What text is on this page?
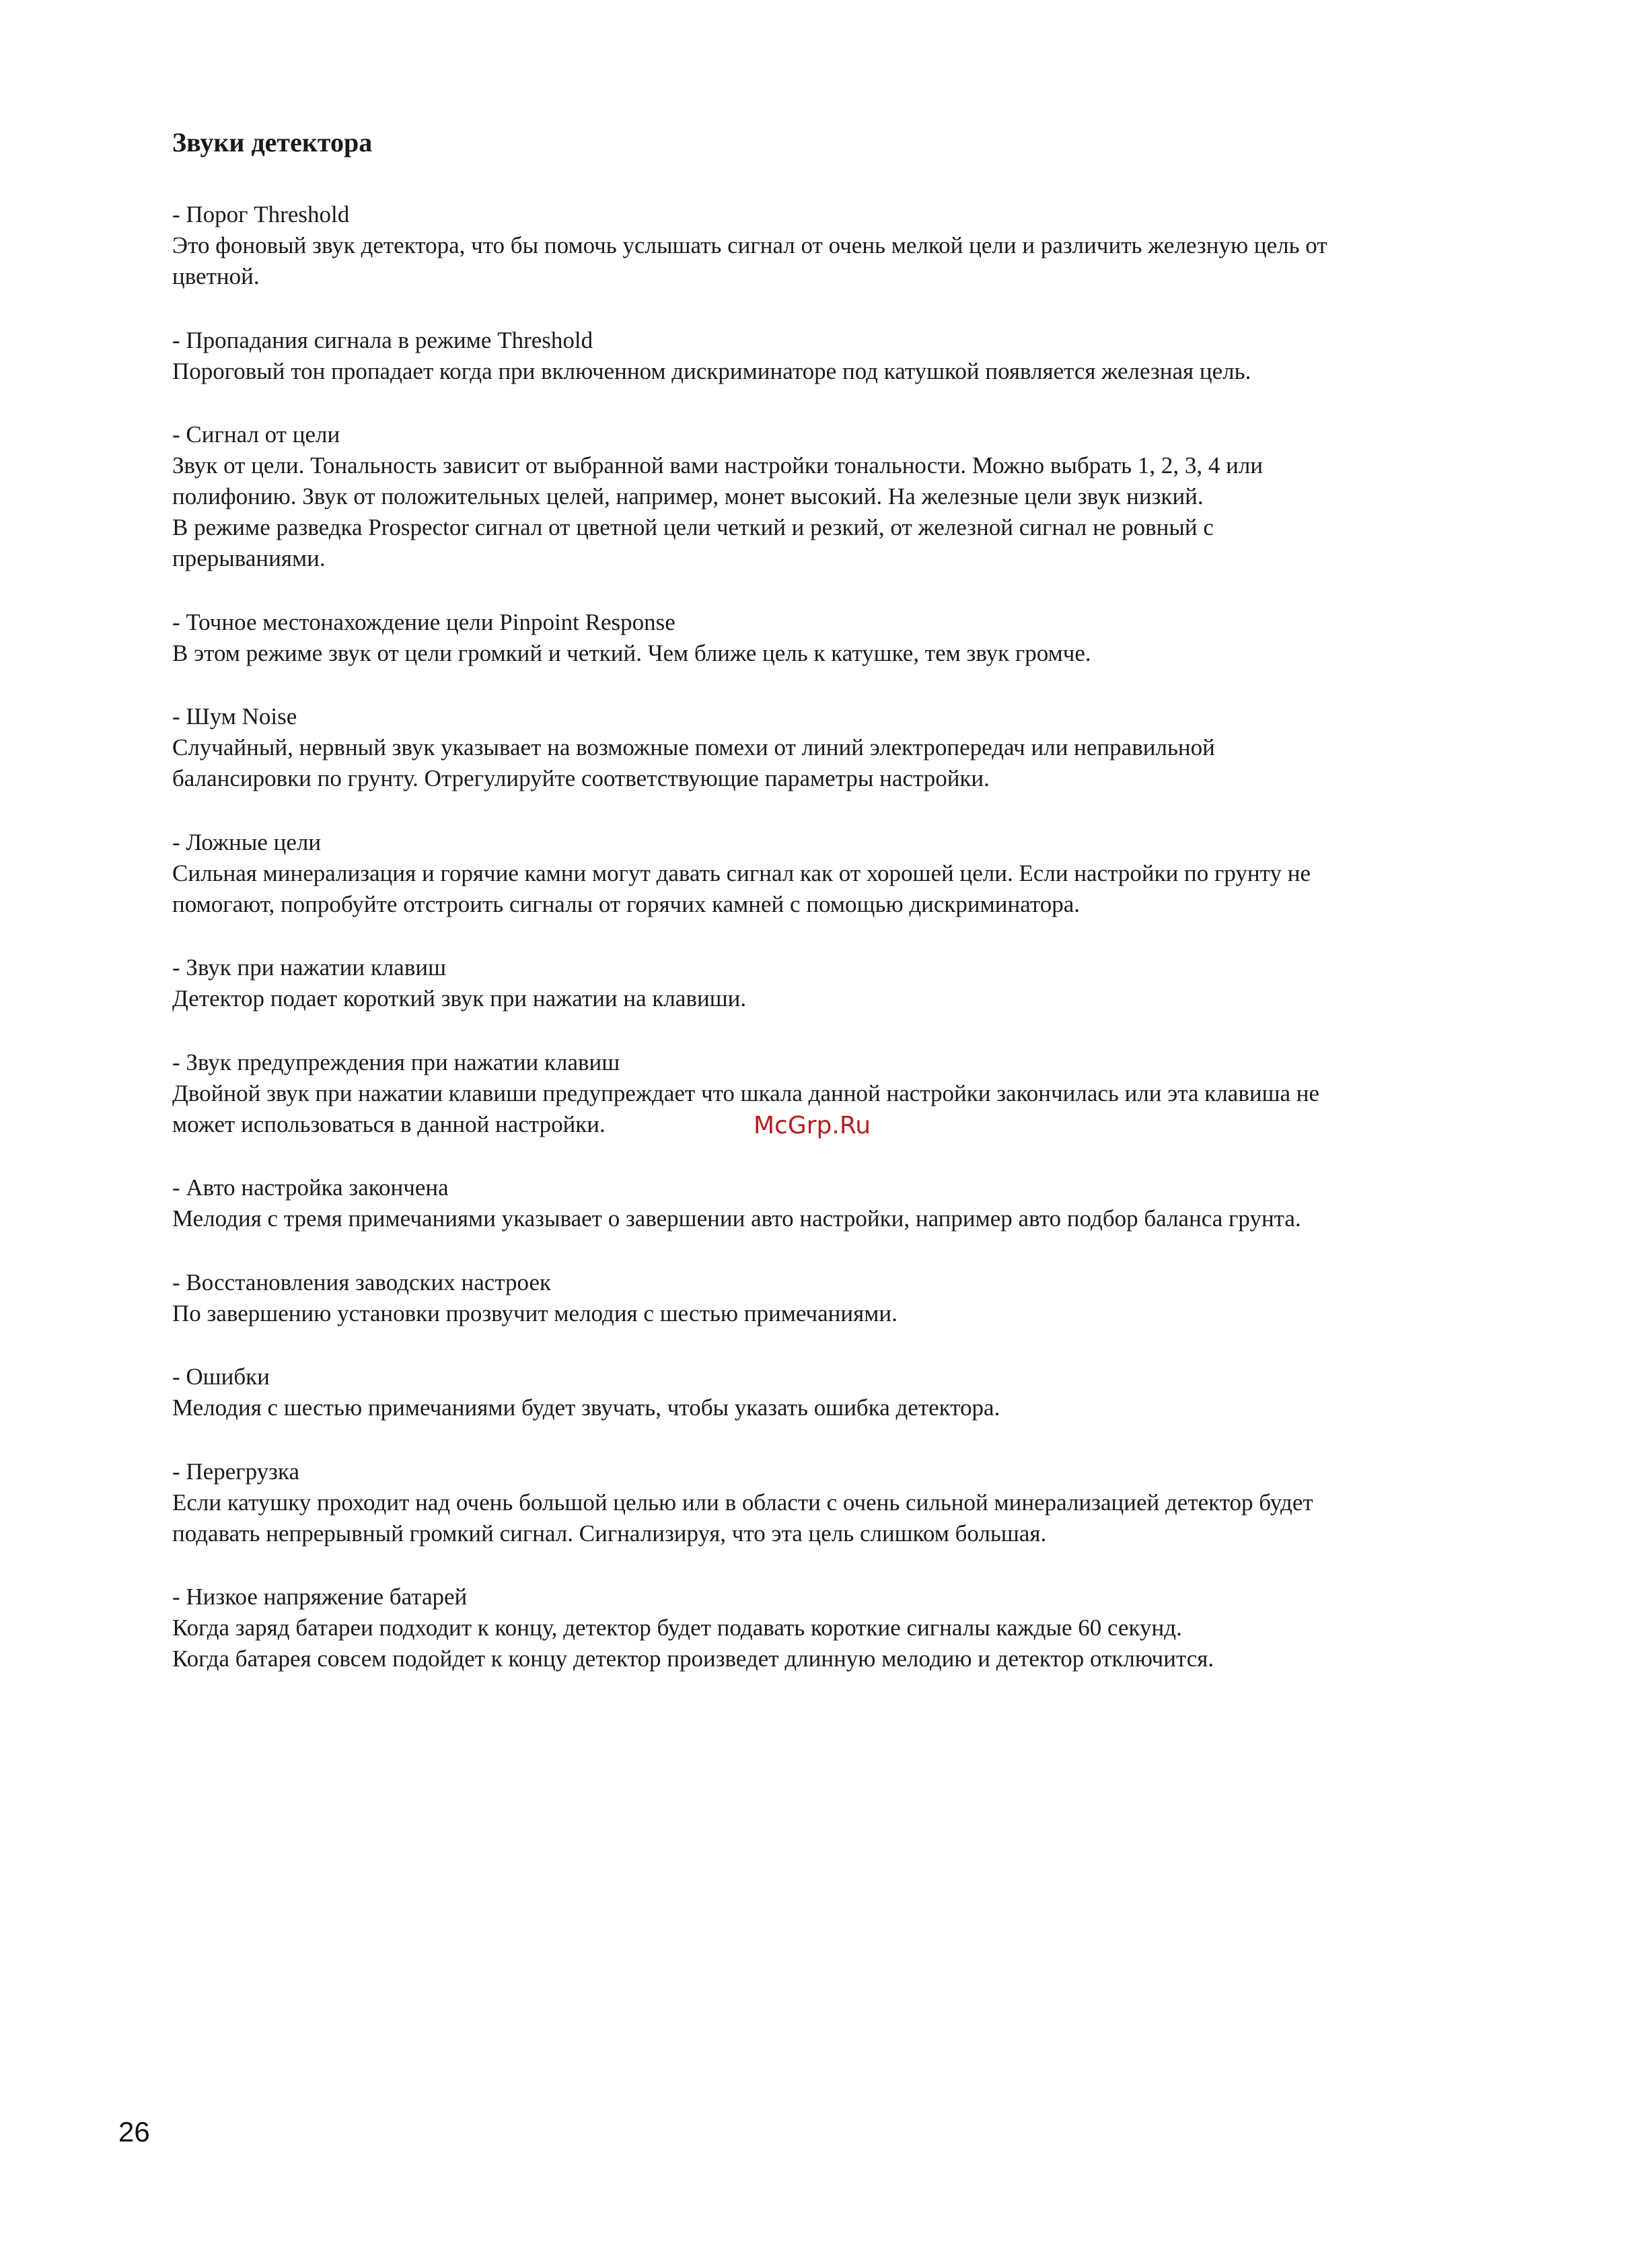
Звуки детектора

- Порог Threshold

Это фоновый звук детектора, что бы помочь услышать сигнал от очень мелкой цели и различить железную цель от

цветной.

- Пропадания сигнала в режиме Threshold

Пороговый тон пропадает когда при включенном дискриминаторе под катушкой появляется железная цель.

- Сигнал от цели

Звук от цели. Тональность зависит от выбранной вами настройки тональности. Можно выбрать 1, 2, 3, 4 или

полифонию. Звук от положительных целей, например, монет высокий. На железные цели звук низкий.

В режиме разведка Prospector сигнал от цветной цели четкий и резкий, от железной сигнал не ровный с

прерываниями.

- Точное местонахождение цели Pinpoint Response

В этом режиме звук от цели громкий и четкий. Чем ближе цель к катушке, тем звук громче.

- Шум Noise

Случайный, нервный звук указывает на возможные помехи от линий электропередач или неправильной

балансировки по грунту. Отрегулируйте соответствующие параметры настройки.

- Ложные цели

Сильная минерализация и горячие камни могут давать сигнал как от хорошей цели. Если настройки по грунту не

помогают, попробуйте отстроить сигналы от горячих камней с помощью дискриминатора.

- Звук при нажатии клавиш

Детектор подает короткий звук при нажатии на клавиши.

- Звук предупреждения при нажатии клавиш

Двойной звук при нажатии клавиши предупреждает что шкала данной настройки закончилась или эта клавиша не

может использоваться в данной настройки.

- Авто настройка закончена

Мелодия с тремя примечаниями указывает о завершении авто настройки, например авто подбор баланса грунта.

- Восстановления заводских настроек

По завершению установки прозвучит мелодия с шестью примечаниями.

- Ошибки

Мелодия с шестью примечаниями будет звучать, чтобы указать ошибка детектора.

- Перегрузка

Если катушку проходит над очень большой целью или в области с очень сильной минерализацией детектор будет

подавать непрерывный громкий сигнал. Сигнализируя, что эта цель слишком большая.

- Низкое напряжение батарей

Когда заряд батареи подходит к концу, детектор будет подавать короткие сигналы каждые 60 секунд.

Когда батарея совсем подойдет к концу детектор произведет длинную мелодию и детектор отключится.

McGrp.Ru
26
